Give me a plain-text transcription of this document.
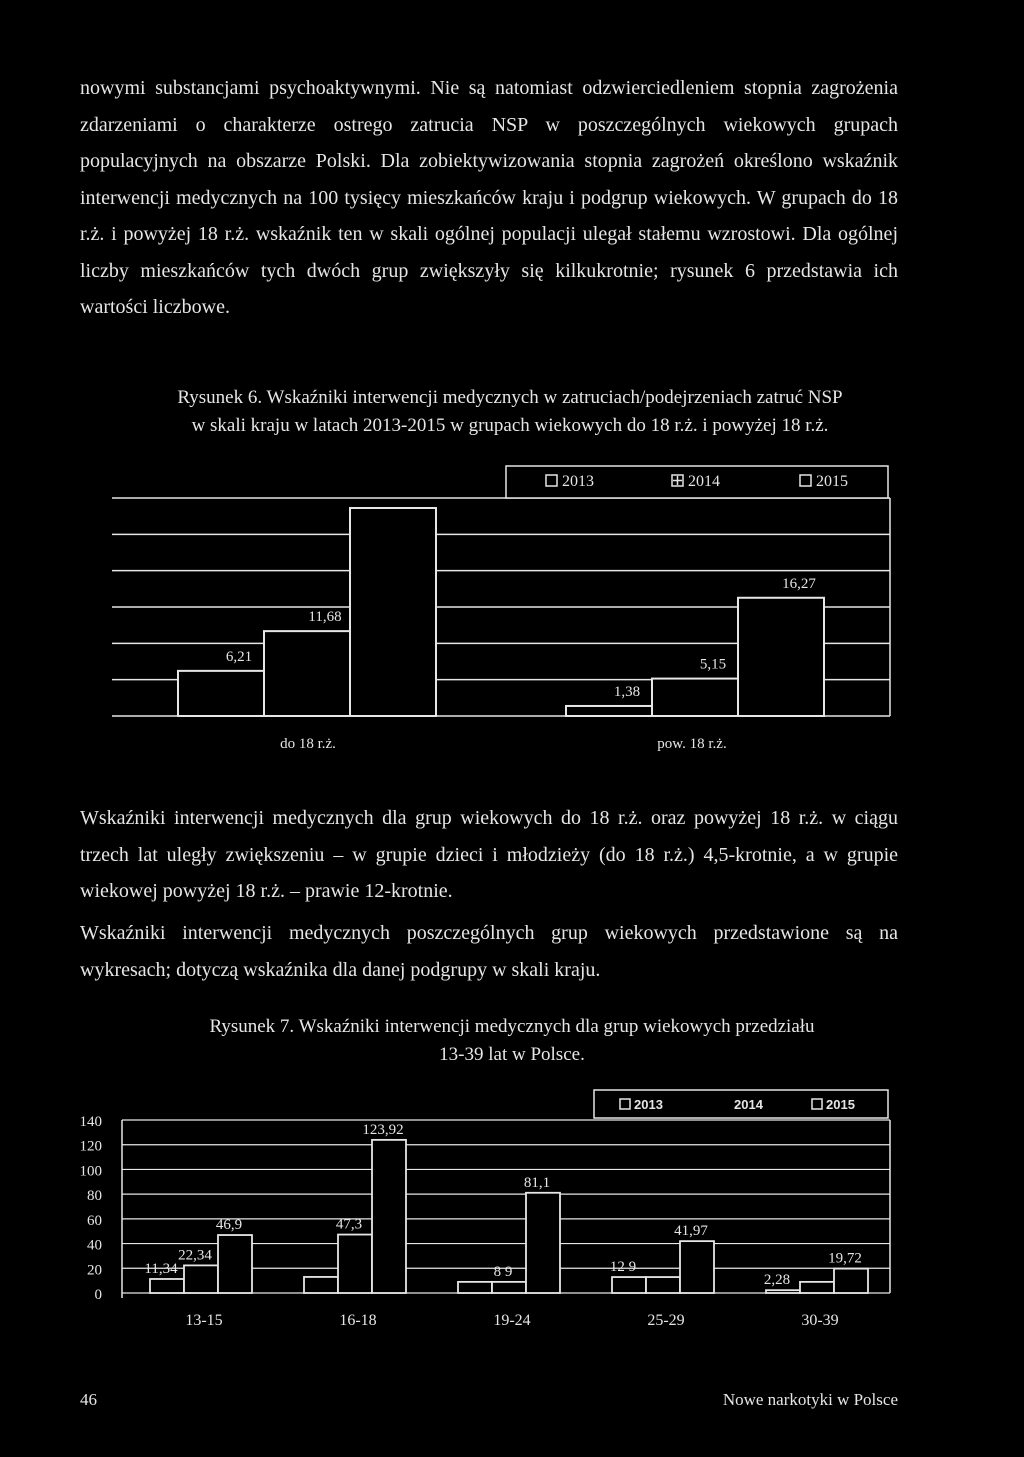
nowymi substancjami psychoaktywnymi. Nie są natomiast odzwierciedleniem stopnia zagrożenia zdarzeniami o charakterze ostrego zatrucia NSP w poszczególnych wiekowych grupach populacyjnych na obszarze Polski. Dla zobiektywizowania stopnia zagrożeń określono wskaźnik interwencji medycznych na 100 tysięcy mieszkańców kraju i podgrup wiekowych. W grupach do 18 r.ż. i powyżej 18 r.ż. wskaźnik ten w skali ogólnej populacji ulegał stałemu wzrostowi. Dla ogólnej liczby mieszkańców tych dwóch grup zwiększyły się kilkukrotnie; rysunek 6 przedstawia ich wartości liczbowe.

Rysunek 6. Wskaźniki interwencji medycznych w zatruciach/podejrzeniach zatruć NSP
w skali kraju w latach 2013-2015 w grupach wiekowych do 18 r.ż. i powyżej 18 r.ż.

6,21
11,68
1,38
5,15
16,27
do 18 r.ż.	pow. 18 r.ż.
2013	2014	2015

Wskaźniki interwencji medycznych dla grup wiekowych do 18 r.ż. oraz powyżej 18 r.ż. w ciągu trzech lat uległy zwiększeniu – w grupie dzieci i młodzieży (do 18 r.ż.) 4,5-krotnie, a w grupie wiekowej powyżej 18 r.ż. – prawie 12-krotnie.

Wskaźniki interwencji medycznych poszczególnych grup wiekowych przedstawione są na wykresach; dotyczą wskaźnika dla danej podgrupy w skali kraju.

Rysunek 7. Wskaźniki interwencji medycznych dla grup wiekowych przedziału
13-39 lat w Polsce.

140
120
100
80
60
40
20
0
11,34
22,34
46,9	47,3
123,92
8 9
81,1
12 9
41,97
2,28
19,72
13-15	16-18	19-24	25-29	30-39
2013	2014	2015
46	Nowe narkotyki w Polsce
